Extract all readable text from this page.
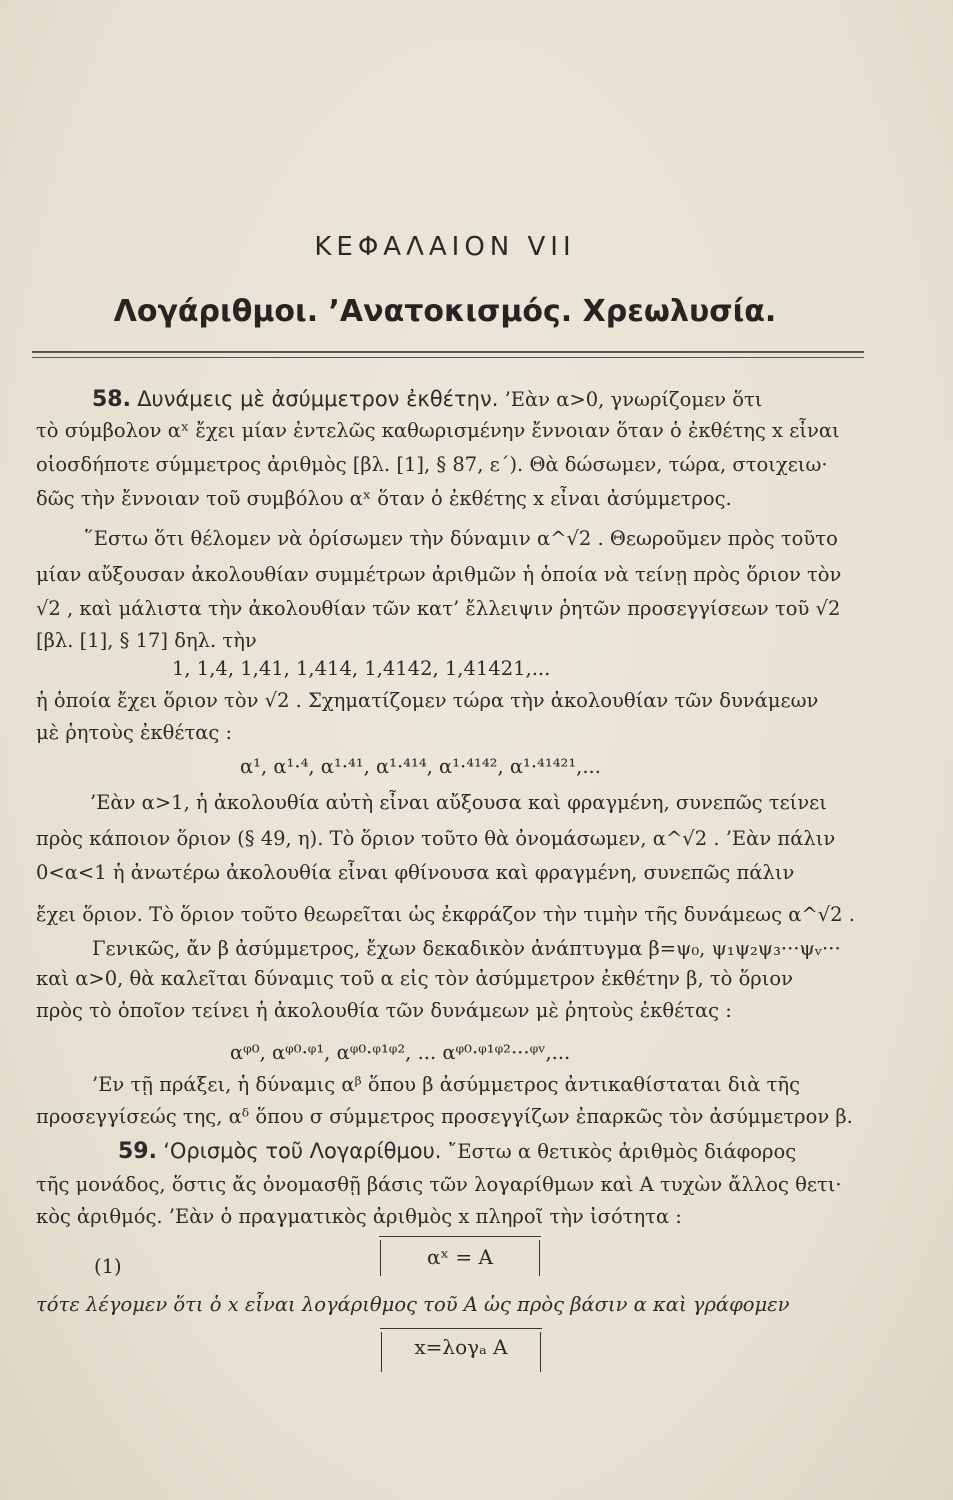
ΚΕΦΑΛΑΙΟΝ VII
Λογάριθμοι. ’Ανατοκισμός. Χρεωλυσία.
58. Δυνάμεις μὲ ἀσύμμετρον ἐκθέτην. ’Εὰν α>0, γνωρίζομεν ὅτι
τὸ σύμβολον αˣ ἔχει μίαν ἐντελῶς καθωρισμένην ἔννοιαν ὅταν ὁ ἐκθέτης x εἶναι
οἱοσδήποτε σύμμετρος ἀριθμὸς [βλ. [1], § 87, ε΄). Θὰ δώσωμεν, τώρα, στοιχειω·
δῶς τὴν ἔννοιαν τοῦ συμβόλου αˣ ὅταν ὁ ἐκθέτης x εἶναι ἀσύμμετρος.
῞Εστω ὅτι θέλομεν νὰ ὁρίσωμεν τὴν δύναμιν α^√2 . Θεωροῦμεν πρὸς τοῦτο
μίαν αὔξουσαν ἀκολουθίαν συμμέτρων ἀριθμῶν ἡ ὁποία νὰ τείνῃ πρὸς ὅριον τὸν
√2 , καὶ μάλιστα τὴν ἀκολουθίαν τῶν κατ’ ἔλλειψιν ῥητῶν προσεγγίσεων τοῦ √2
[βλ. [1], § 17] δηλ. τὴν
1, 1,4, 1,41, 1,414, 1,4142, 1,41421,...
ἡ ὁποία ἔχει ὅριον τὸν √2 . Σχηματίζομεν τώρα τὴν ἀκολουθίαν τῶν δυνάμεων
μὲ ῥητοὺς ἐκθέτας :
α¹, α¹·⁴, α¹·⁴¹, α¹·⁴¹⁴, α¹·⁴¹⁴², α¹·⁴¹⁴²¹,...
’Εὰν α>1, ἡ ἀκολουθία αὐτὴ εἶναι αὔξουσα καὶ φραγμένη, συνεπῶς τείνει
πρὸς κάποιον ὅριον (§ 49, η). Τὸ ὅριον τοῦτο θὰ ὀνομάσωμεν, α^√2 . ’Εὰν πάλιν
0<α<1 ἡ ἀνωτέρω ἀκολουθία εἶναι φθίνουσα καὶ φραγμένη, συνεπῶς πάλιν
ἔχει ὅριον. Τὸ ὅριον τοῦτο θεωρεῖται ὡς ἐκφράζον τὴν τιμὴν τῆς δυνάμεως α^√2 .
Γενικῶς, ἄν β ἀσύμμετρος, ἔχων δεκαδικὸν ἀνάπτυγμα β=ψ₀, ψ₁ψ₂ψ₃···ψᵥ···
καὶ α>0, θὰ καλεῖται δύναμις τοῦ α εἰς τὸν ἀσύμμετρον ἐκθέτην β, τὸ ὅριον
πρὸς τὸ ὁποῖον τείνει ἡ ἀκολουθία τῶν δυνάμεων μὲ ῥητοὺς ἐκθέτας :
αᵠ⁰, αᵠ⁰·ᵠ¹, αᵠ⁰·ᵠ¹ᵠ², ... αᵠ⁰·ᵠ¹ᵠ²···ᵠᵛ,...
’Εν τῇ πράξει, ἡ δύναμις αᵝ ὅπου β ἀσύμμετρος ἀντικαθίσταται διὰ τῆς
προσεγγίσεώς της, αᵟ ὅπου σ σύμμετρος προσεγγίζων ἐπαρκῶς τὸν ἀσύμμετρον β.
59. ‘Ορισμὸς τοῦ Λογαρίθμου. ῎Εστω α θετικὸς ἀριθμὸς διάφορος
τῆς μονάδος, ὅστις ἄς ὀνομασθῇ βάσις τῶν λογαρίθμων καὶ A τυχὼν ἄλλος θετι·
κὸς ἀριθμός. ’Εὰν ὁ πραγματικὸς ἀριθμὸς x πληροῖ τὴν ἰσότητα :
(1)	αˣ = A
τότε λέγομεν ὅτι ὁ x εἶναι λογάριθμος τοῦ A ὡς πρὸς βάσιν α καὶ γράφομεν
x=λογₐ A
